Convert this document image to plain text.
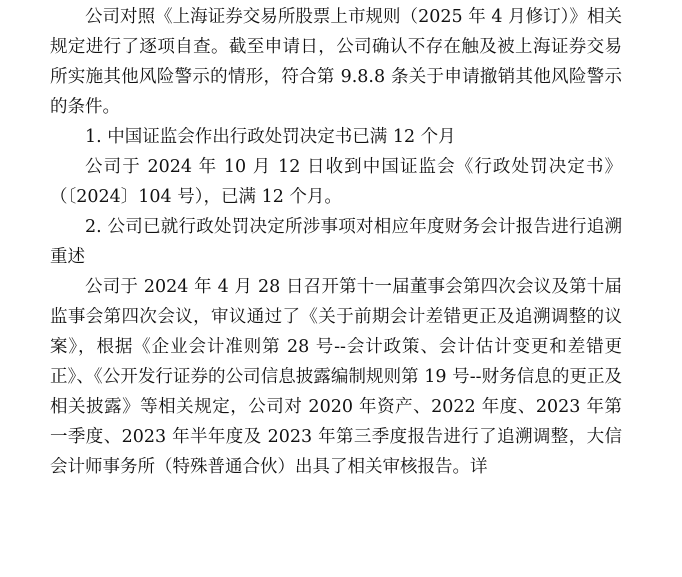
公司对照《上海证券交易所股票上市规则（2025 年 4 月修订）》相关规定进行了逐项自查。截至申请日，公司确认不存在触及被上海证券交易所实施其他风险警示的情形，符合第 9.8.8 条关于申请撤销其他风险警示的条件。

1. 中国证监会作出行政处罚决定书已满 12 个月

公司于 2024 年 10 月 12 日收到中国证监会《行政处罚决定书》（〔2024〕104 号），已满 12 个月。

2. 公司已就行政处罚决定所涉事项对相应年度财务会计报告进行追溯重述

公司于 2024 年 4 月 28 日召开第十一届董事会第四次会议及第十届监事会第四次会议，审议通过了《关于前期会计差错更正及追溯调整的议案》，根据《企业会计准则第 28 号--会计政策、会计估计变更和差错更正》、《公开发行证券的公司信息披露编制规则第 19 号--财务信息的更正及相关披露》等相关规定，公司对 2020 年资产、2022 年度、2023 年第一季度、2023 年半年度及 2023 年第三季度报告进行了追溯调整，大信会计师事务所（特殊普通合伙）出具了相关审核报告。详
